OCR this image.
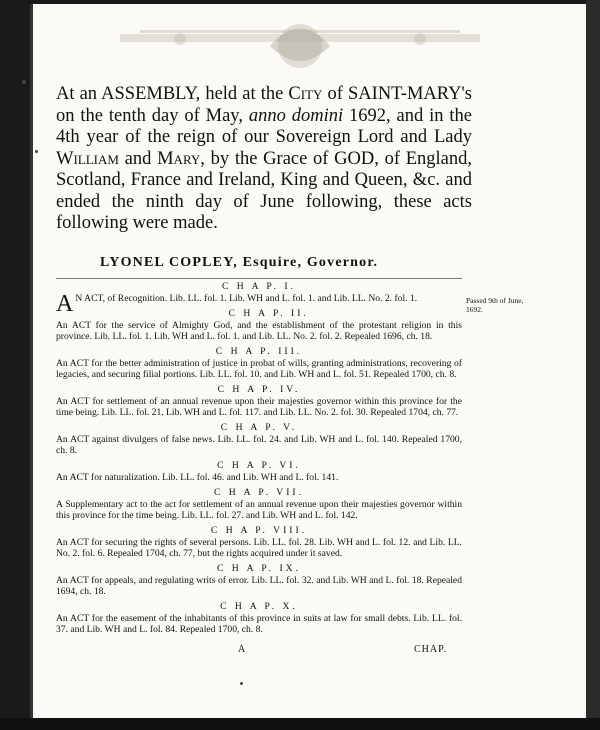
At an ASSEMBLY, held at the City of SAINT-MARY's on the tenth day of May, anno domini 1692, and in the 4th year of the reign of our Sovereign Lord and Lady William and Mary, by the Grace of GOD, of England, Scotland, France and Ireland, King and Queen, &c. and ended the ninth day of June following, these acts following were made.
LYONEL COPLEY, Esquire, Governor.
Passed 9th of June, 1692.
C H A P. I.
A N ACT, of Recognition. Lib. LL. fol. 1. Lib. WH and L. fol. 1. and Lib. LL. No. 2. fol. 1.
C H A P. II.
An ACT for the service of Almighty God, and the establishment of the protestant religion in this province. Lib. LL. fol. 1. Lib. WH and L. fol. 1. and Lib. LL. No. 2. fol. 2. Repealed 1696, ch. 18.
C H A P. III.
An ACT for the better administration of justice in probat of wills, granting administrations, recovering of legacies, and securing filial portions. Lib. LL. fol. 10. and Lib. WH and L. fol. 51. Repealed 1700, ch. 8.
C H A P. IV.
An ACT for settlement of an annual revenue upon their majesties governor within this province for the time being. Lib. LL. fol. 21. Lib. WH and L. fol. 117. and Lib. LL. No. 2. fol. 30. Repealed 1704, ch. 77.
C H A P. V.
An ACT against divulgers of false news. Lib. LL. fol. 24. and Lib. WH and L. fol. 140. Repealed 1700, ch. 8.
C H A P. VI.
An ACT for naturalization. Lib. LL. fol. 46. and Lib. WH and L. fol. 141.
C H A P. VII.
A Supplementary act to the act for settlement of an annual revenue upon their majesties governor within this province for the time being. Lib. LL. fol. 27. and Lib. WH and L. fol. 142.
C H A P. VIII.
An ACT for securing the rights of several persons. Lib. LL. fol. 28. Lib. WH and L. fol. 12. and Lib. LL. No. 2. fol. 6. Repealed 1704, ch. 77, but the rights acquired under it saved.
C H A P. IX.
An ACT for appeals, and regulating writs of error. Lib. LL. fol. 32. and Lib. WH and L. fol. 18. Repealed 1694, ch. 18.
C H A P. X.
An ACT for the easement of the inhabitants of this province in suits at law for small debts. Lib. LL. fol. 37. and Lib. WH and L. fol. 84. Repealed 1700, ch. 8.
A	CHAP.
